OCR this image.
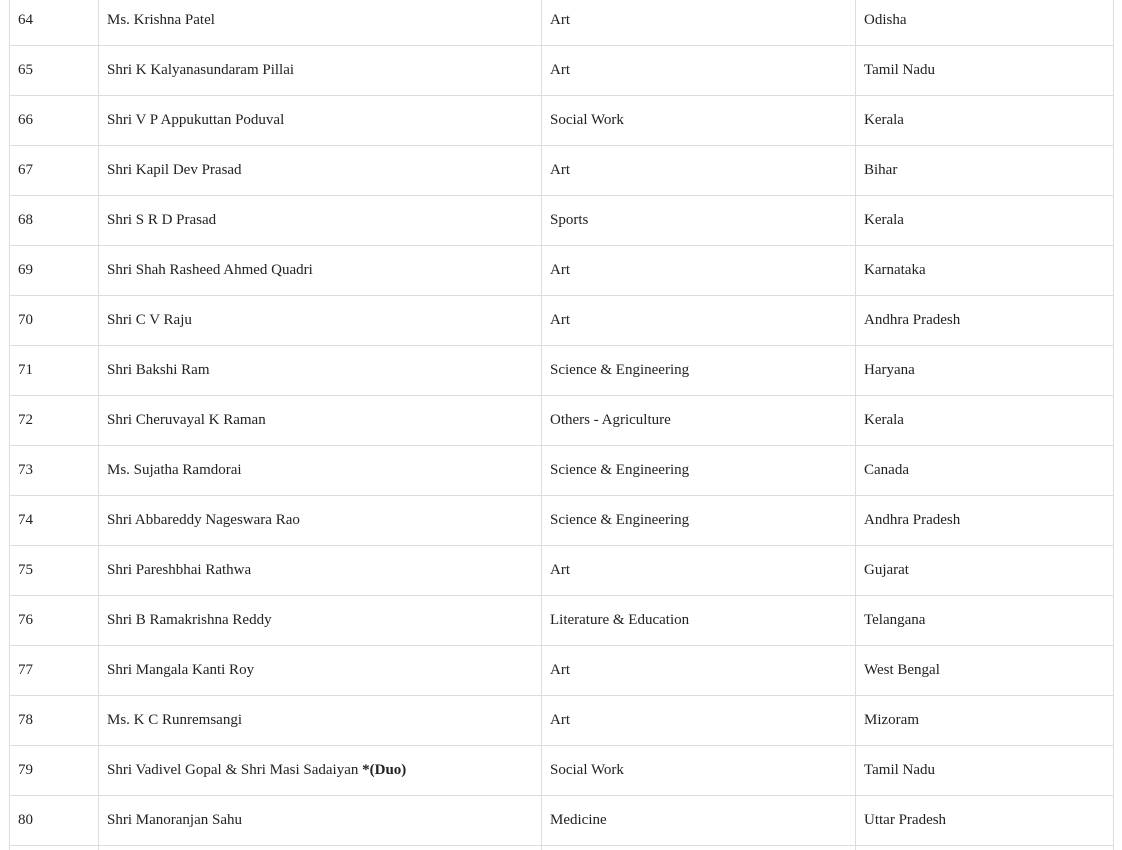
64	Ms. Krishna Patel	Art	Odisha
65	Shri K Kalyanasundaram Pillai	Art	Tamil Nadu
66	Shri V P Appukuttan Poduval	Social Work	Kerala
67	Shri Kapil Dev Prasad	Art	Bihar
68	Shri S R D Prasad	Sports	Kerala
69	Shri Shah Rasheed Ahmed Quadri	Art	Karnataka
70	Shri C V Raju	Art	Andhra Pradesh
71	Shri Bakshi Ram	Science & Engineering	Haryana
72	Shri Cheruvayal K Raman	Others - Agriculture	Kerala
73	Ms. Sujatha Ramdorai	Science & Engineering	Canada
74	Shri Abbareddy Nageswara Rao	Science & Engineering	Andhra Pradesh
75	Shri Pareshbhai Rathwa	Art	Gujarat
76	Shri B Ramakrishna Reddy	Literature & Education	Telangana
77	Shri Mangala Kanti Roy	Art	West Bengal
78	Ms. K C Runremsangi	Art	Mizoram
79	Shri Vadivel Gopal & Shri Masi Sadaiyan *(Duo)	Social Work	Tamil Nadu
80	Shri Manoranjan Sahu	Medicine	Uttar Pradesh
